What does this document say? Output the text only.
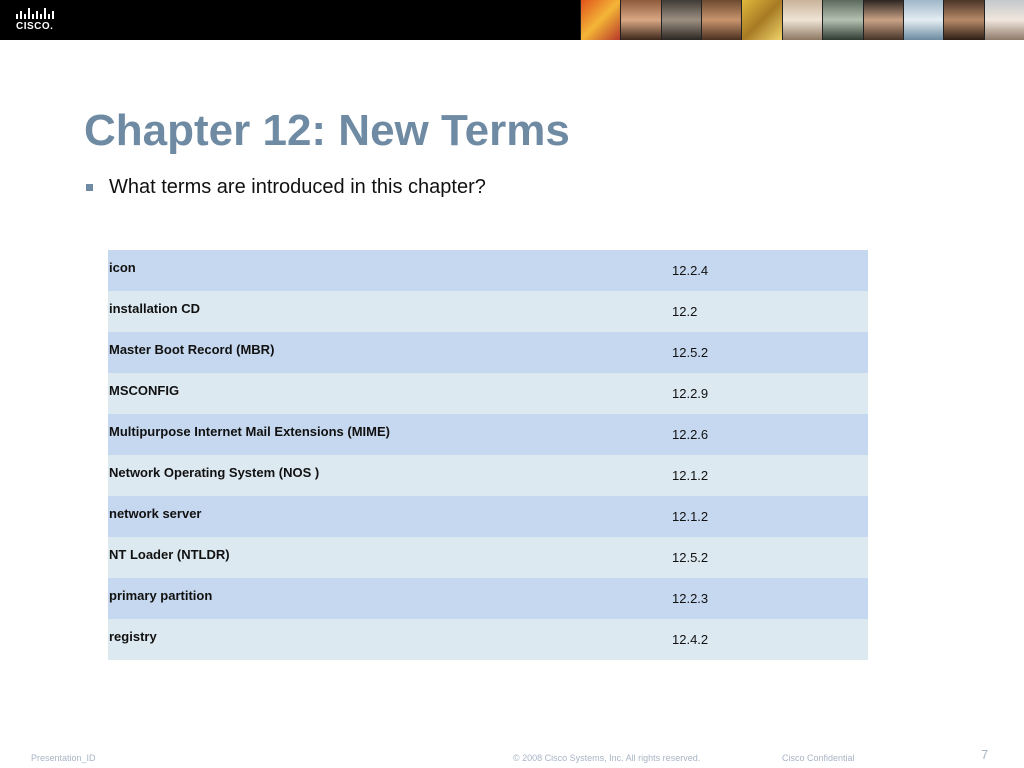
CISCO.
Chapter 12: New Terms
What terms are introduced in this chapter?
icon	12.2.4
installation CD	12.2
Master Boot Record (MBR)	12.5.2
MSCONFIG	12.2.9
Multipurpose Internet Mail Extensions (MIME)	12.2.6
Network Operating System (NOS )	12.1.2
network server	12.1.2
NT Loader (NTLDR)	12.5.2
primary partition	12.2.3
registry	12.4.2
Presentation_ID	© 2008 Cisco Systems, Inc. All rights reserved.	Cisco Confidential	7
